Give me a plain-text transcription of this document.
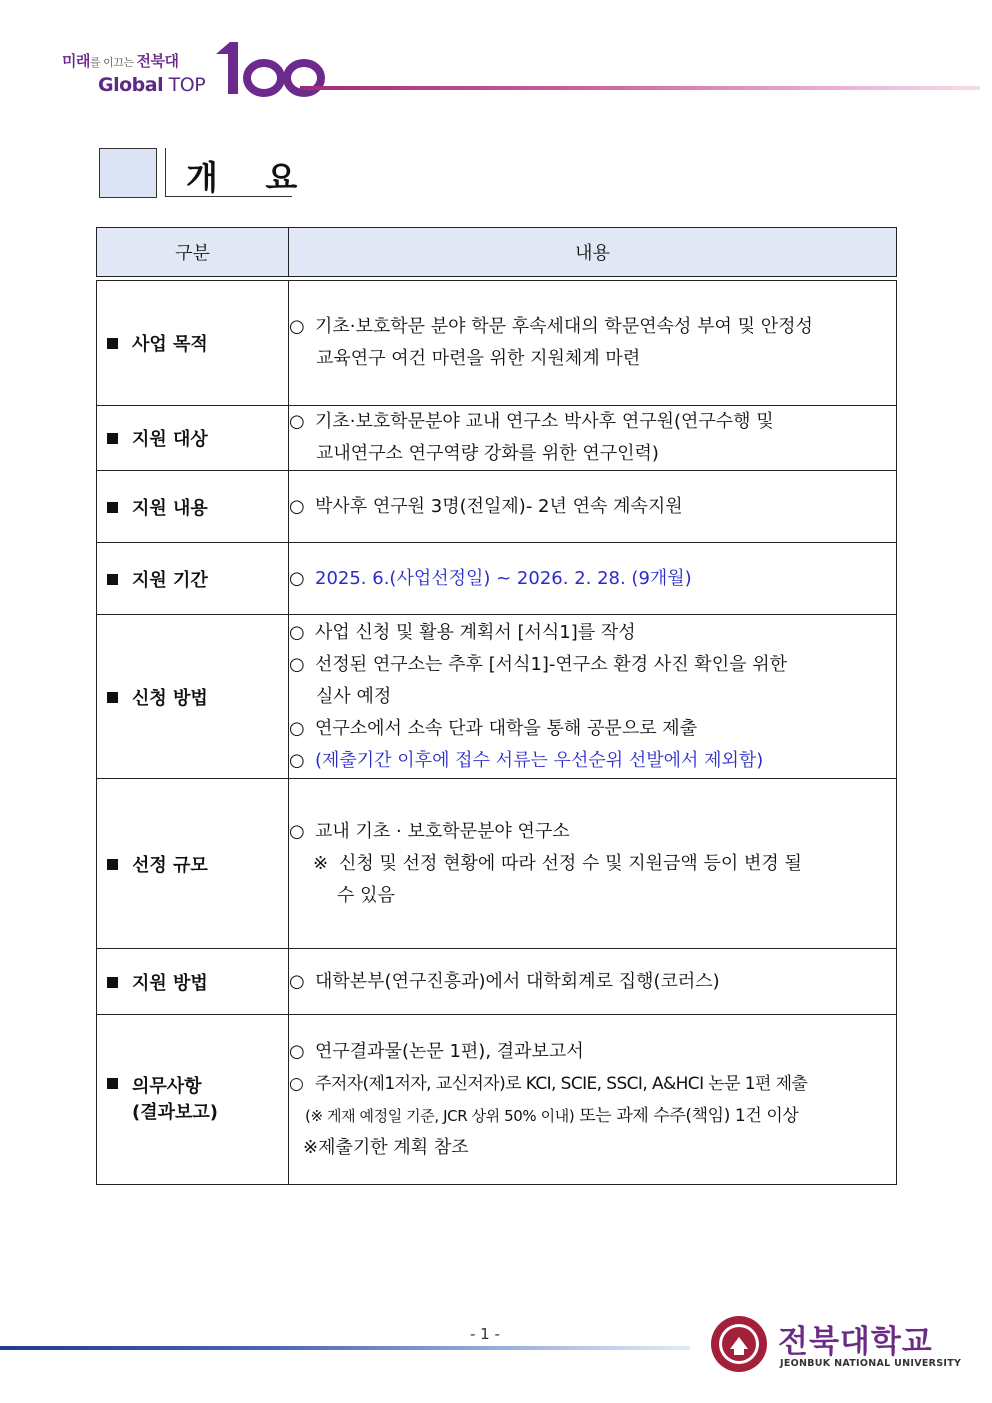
미래를 이끄는 전북대
Global TOP
개 요
구분	내용

사업 목적	○ 기초·보호학문 분야 학문 후속세대의 학문연속성 부여 및 안정성
교육연구 여건 마련을 위한 지원체계 마련

지원 대상	○ 기초·보호학문분야 교내 연구소 박사후 연구원(연구수행 및
교내연구소 연구역량 강화를 위한 연구인력)

지원 내용	○ 박사후 연구원 3명(전일제)- 2년 연속 계속지원

지원 기간	○ 2025. 6.(사업선정일) ~ 2026. 2. 28. (9개월)

신청 방법	○ 사업 신청 및 활용 계획서 [서식1]를 작성
○ 선정된 연구소는 추후 [서식1]-연구소 환경 사진 확인을 위한
실사 예정
○ 연구소에서 소속 단과 대학을 통해 공문으로 제출
○ (제출기간 이후에 접수 서류는 우선순위 선발에서 제외함)

선정 규모	○ 교내 기초 · 보호학문분야 연구소
※ 신청 및 선정 현황에 따라 선정 수 및 지원금액 등이 변경 될
수 있음

지원 방법	○ 대학본부(연구진흥과)에서 대학회계로 집행(코러스)

의무사항
(결과보고)	○ 연구결과물(논문 1편), 결과보고서
○ 주저자(제1저자, 교신저자)로 KCI, SCIE, SSCI, A&HCI 논문 1편 제출
(※ 게재 예정일 기준, JCR 상위 50% 이내) 또는 과제 수주(책임) 1건 이상
※제출기한 계획 참조
- 1 -	전북대학교
JEONBUK NATIONAL UNIVERSITY
